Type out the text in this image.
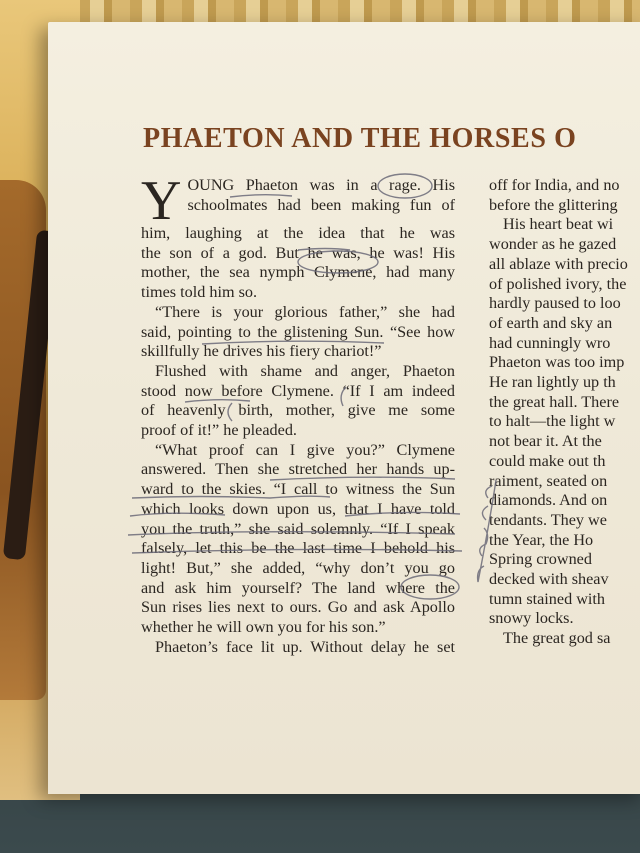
PHAETON AND THE HORSES O
Y OUNG Phaeton was in a rage. His
schoolmates had been making fun of
him, laughing at the idea that he was
the son of a god. But he was, he was! His
mother, the sea nymph Clymene, had many
times told him so.
“There is your glorious father,” she had
said, pointing to the glistening Sun. “See how
skillfully he drives his fiery chariot!”
Flushed with shame and anger, Phaeton
stood now before Clymene. “If I am indeed
of heavenly birth, mother, give me some
proof of it!” he pleaded.
“What proof can I give you?” Clymene
answered. Then she stretched her hands up-
ward to the skies. “I call to witness the Sun
which looks down upon us, that I have told
you the truth,” she said solemnly. “If I speak
falsely, let this be the last time I behold his
light! But,” she added, “why don’t you go
and ask him yourself? The land where the
Sun rises lies next to ours. Go and ask Apollo
whether he will own you for his son.”
Phaeton’s face lit up. Without delay he set
off for India, and no
before the glittering
His heart beat wi
wonder as he gazed
all ablaze with precio
of polished ivory, the
hardly paused to loo
of earth and sky an
had cunningly wro
Phaeton was too imp
He ran lightly up th
the great hall. There
to halt—the light w
not bear it. At the
could make out th
raiment, seated on
diamonds. And on
tendants. They we
the Year, the Ho
Spring crowned
decked with sheav
tumn stained with
snowy locks.
The great god sa
